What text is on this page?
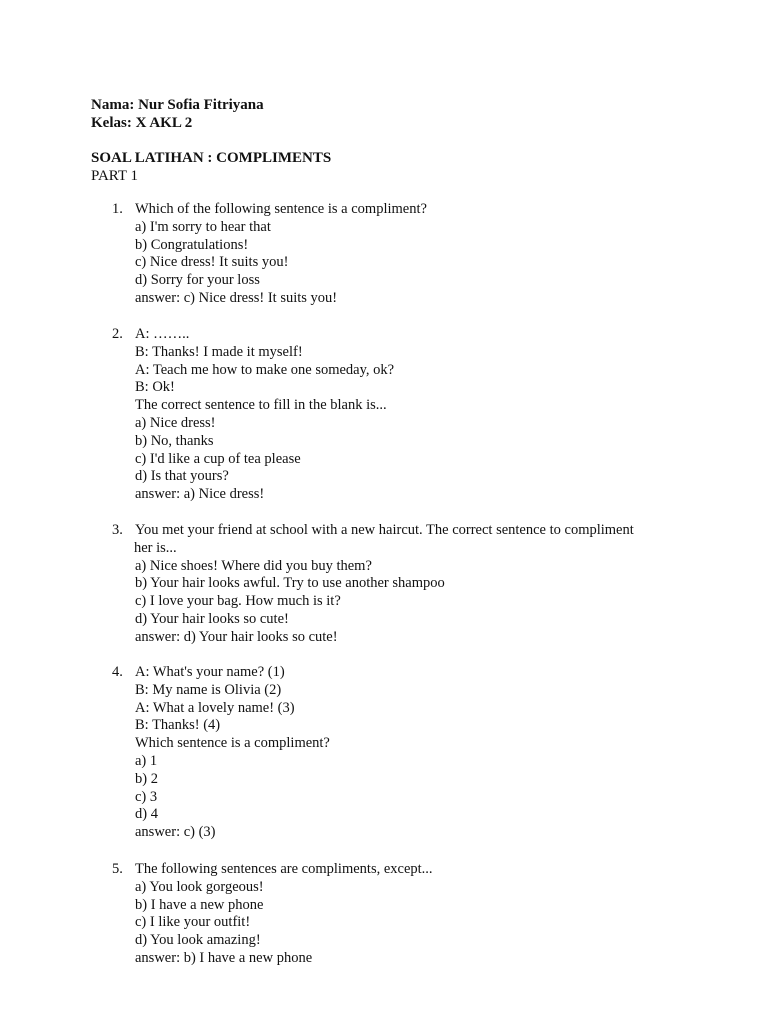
Nama: Nur Sofia Fitriyana
Kelas: X AKL 2
SOAL LATIHAN : COMPLIMENTS
PART 1
1. Which of the following sentence is a compliment?
a) I'm sorry to hear that
b) Congratulations!
c) Nice dress! It suits you!
d) Sorry for your loss
answer: c) Nice dress! It suits you!
2. A: ……..
B: Thanks! I made it myself!
A: Teach me how to make one someday, ok?
B: Ok!
The correct sentence to fill in the blank is...
a) Nice dress!
b) No, thanks
c) I'd like a cup of tea please
d) Is that yours?
answer: a) Nice dress!
3. You met your friend at school with a new haircut. The correct sentence to compliment
her is...
a) Nice shoes! Where did you buy them?
b) Your hair looks awful. Try to use another shampoo
c) I love your bag. How much is it?
d) Your hair looks so cute!
answer: d) Your hair looks so cute!
4. A: What's your name? (1)
B: My name is Olivia (2)
A: What a lovely name! (3)
B: Thanks! (4)
Which sentence is a compliment?
a) 1
b) 2
c) 3
d) 4
answer: c) (3)
5. The following sentences are compliments, except...
a) You look gorgeous!
b) I have a new phone
c) I like your outfit!
d) You look amazing!
answer: b) I have a new phone
